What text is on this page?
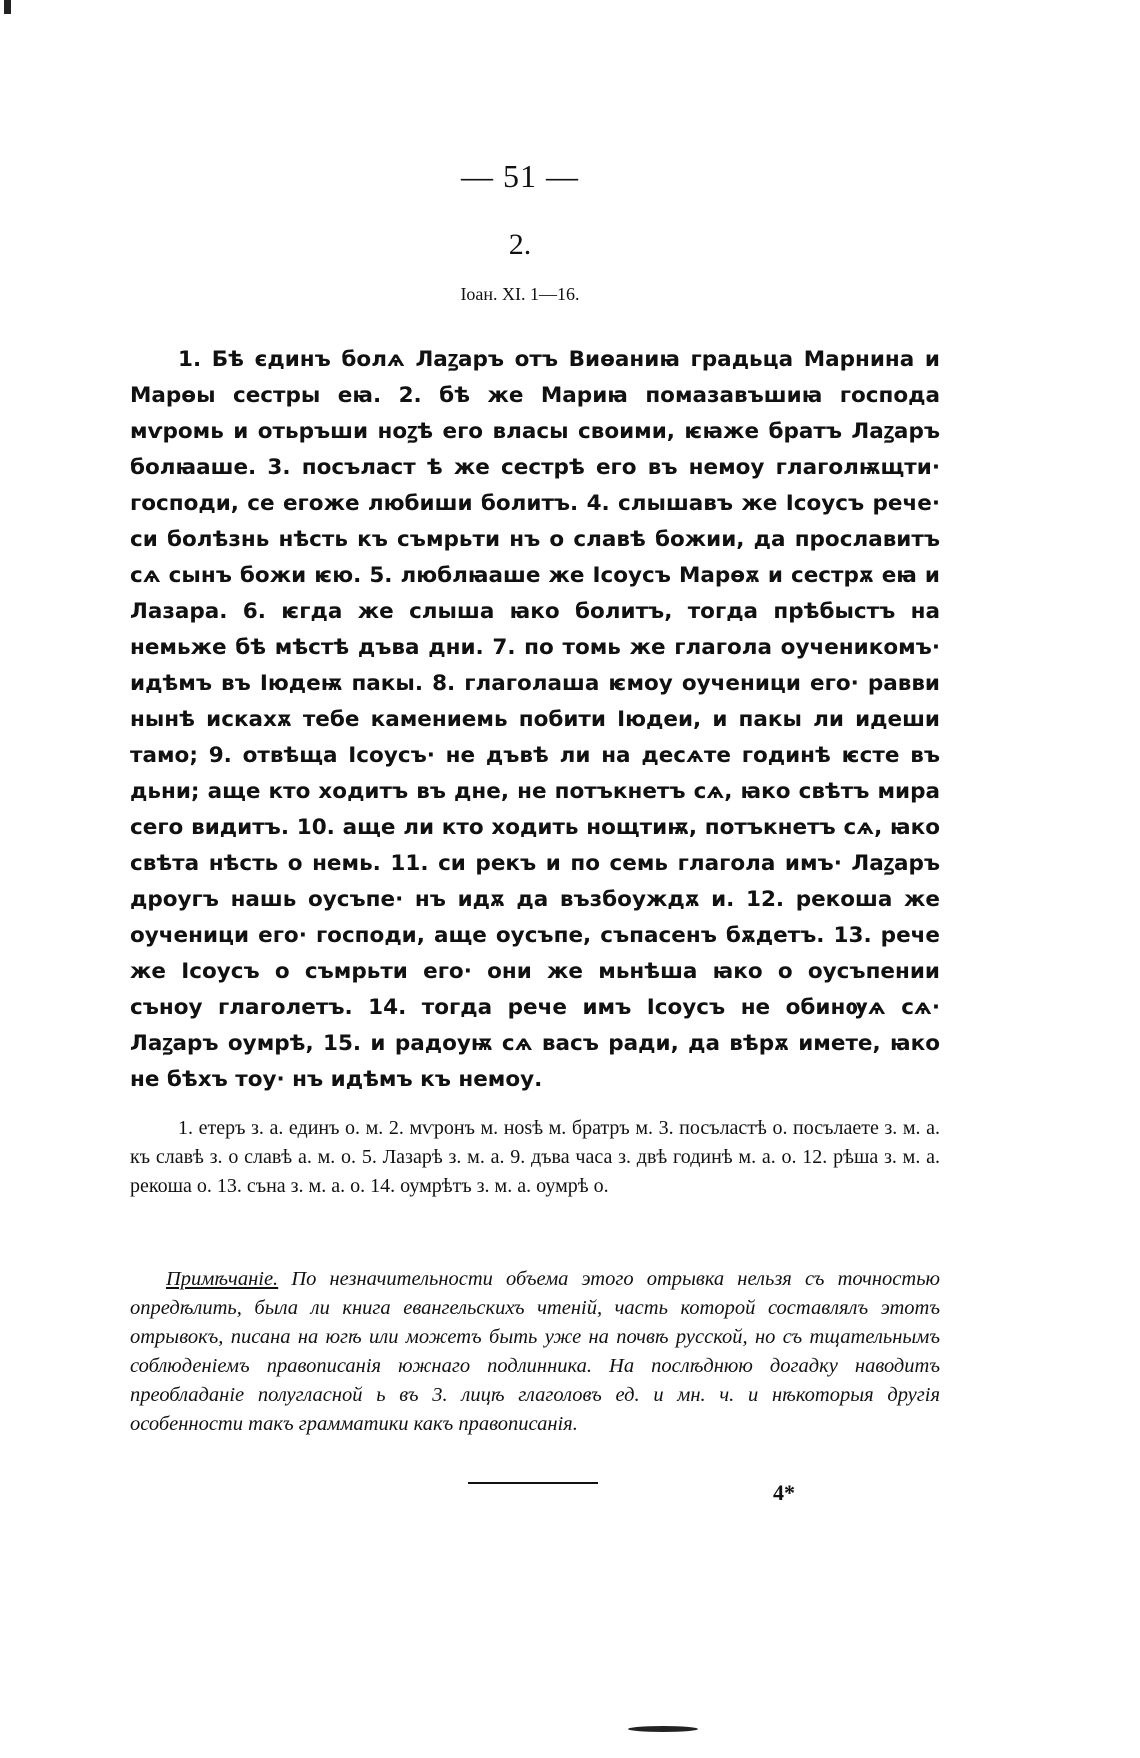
— 51 —
2.
Іоан. XI. 1—16.

1. Бѣ єдинъ болѧ Лаꙁаръ отъ Виѳаниꙗ градьца Марнина и Марѳы сестры еꙗ. 2. бѣ же Мариꙗ помазавъшиꙗ господа мѵромь и отьръши ноꙁѣ его власы своими, ѥꙗже братъ Лаꙁаръ болꙗаше. 3. посъласт ѣ же сестрѣ его въ немоу глаголѭщти· господи, се егоже любиши болитъ. 4. слышавъ же Ісоусъ рече· си болѣзнь нѣсть къ съмрьти нъ о славѣ божии, да прославитъ сѧ сынъ божи ѥю. 5. люблꙗаше же Ісоусъ Марѳѫ и сестрѫ еꙗ и Лазара. 6. ѥгда же слыша ꙗко болитъ, тогда прѣбыстъ на немьже бѣ мѣстѣ дъва дни. 7. по томь же глагола оученикомъ· идѣмъ въ Іюдеѭ пакы. 8. глаголаша ѥмоу оученици его· равви нынѣ искахѫ тебе камениемь побити Іюдеи, и пакы ли идеши тамо; 9. отвѣща Ісоусъ· не дъвѣ ли на десѧте годинѣ ѥсте въ дьни; аще кто ходитъ въ дне, не потъкнетъ сѧ, ꙗко свѣтъ мира сего видитъ. 10. аще ли кто ходить нощтиѭ, потъкнетъ сѧ, ꙗко свѣта нѣсть о немь. 11. си рекъ и по семь глагола имъ· Лаꙁаръ дроугъ нашь оусъпе· нъ идѫ да възбоуждѫ и. 12. рекоша же оученици его· господи, аще оусъпе, съпасенъ бѫдетъ. 13. рече же Ісоусъ о съмрьти его· они же мьнѣша ꙗко о оусъпении съноу глаголетъ. 14. тогда рече имъ Ісоусъ не обинѹѧ сѧ· Лаꙁаръ оумрѣ, 15. и радоуѭ сѧ васъ ради, да вѣрѫ имете, ꙗко не бѣхъ тоу· нъ идѣмъ къ немоу.

1. етеръ з. а. единъ о. м. 2. мѵронъ м. ноѕѣ м. братръ м. 3. посъластѣ о. посълаете з. м. а. къ славѣ з. о славѣ а. м. о. 5. Лазарѣ з. м. а. 9. дъва часа з. двѣ годинѣ м. а. о. 12. рѣша з. м. а. рекоша о. 13. съна з. м. а. о. 14. оумрѣтъ з. м. а. оумрѣ о.

Примѣчаніе. По незначительности объема этого отрывка нельзя съ точностью опредѣлить, была ли книга евангельскихъ чтеній, часть которой составлялъ этотъ отрывокъ, писана на югѣ или можетъ быть уже на почвѣ русской, но съ тщательнымъ соблюденіемъ правописанія южнаго подлинника. На послѣднюю догадку наводитъ преобладаніе полугласной ь въ 3. лицѣ глаголовъ ед. и мн. ч. и нѣкоторыя другія особенности такъ грамматики какъ правописанія.

4*
